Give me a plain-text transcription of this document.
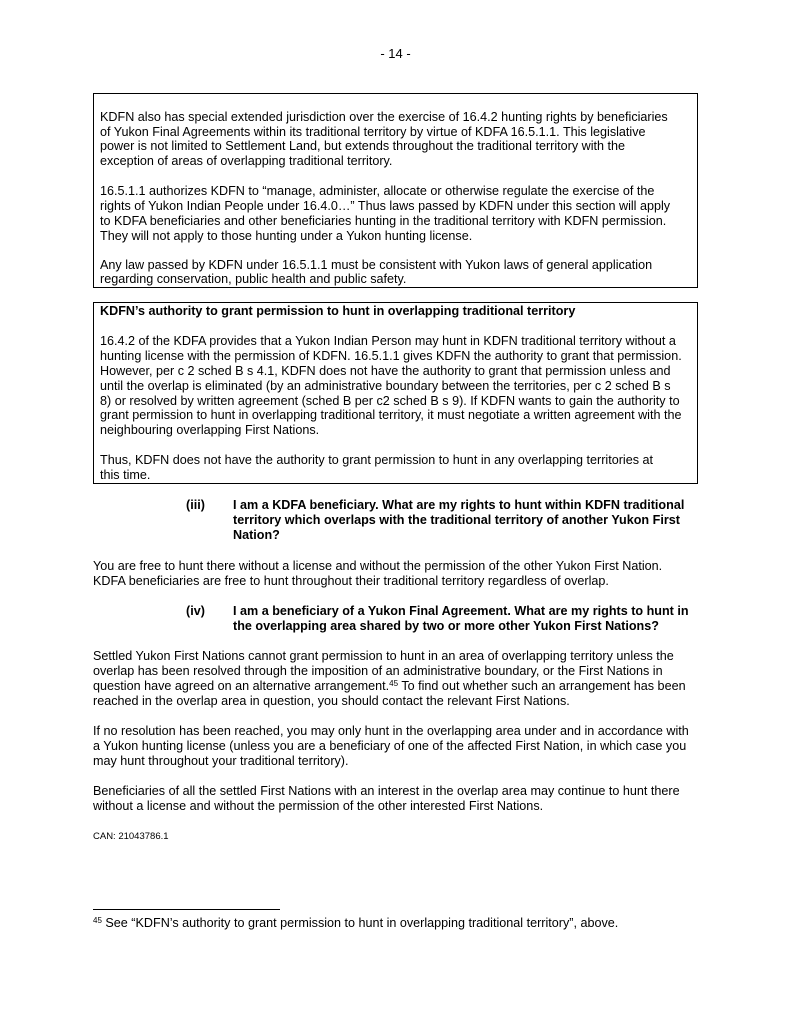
- 14 -
KDFN also has special extended jurisdiction over the exercise of 16.4.2 hunting rights by beneficiaries
of Yukon Final Agreements within its traditional territory by virtue of KDFA 16.5.1.1. This legislative
power is not limited to Settlement Land, but extends throughout the traditional territory with the
exception of areas of overlapping traditional territory.
16.5.1.1 authorizes KDFN to “manage, administer, allocate or otherwise regulate the exercise of the
rights of Yukon Indian People under 16.4.0…” Thus laws passed by KDFN under this section will apply
to KDFA beneficiaries and other beneficiaries hunting in the traditional territory with KDFN permission.
They will not apply to those hunting under a Yukon hunting license.
Any law passed by KDFN under 16.5.1.1 must be consistent with Yukon laws of general application
regarding conservation, public health and public safety.
KDFN’s authority to grant permission to hunt in overlapping traditional territory
16.4.2 of the KDFA provides that a Yukon Indian Person may hunt in KDFN traditional territory without a
hunting license with the permission of KDFN. 16.5.1.1 gives KDFN the authority to grant that permission.
However, per c 2 sched B s 4.1, KDFN does not have the authority to grant that permission unless and
until the overlap is eliminated (by an administrative boundary between the territories, per c 2 sched B s
8) or resolved by written agreement (sched B per c2 sched B s 9). If KDFN wants to gain the authority to
grant permission to hunt in overlapping traditional territory, it must negotiate a written agreement with the
neighbouring overlapping First Nations.
Thus, KDFN does not have the authority to grant permission to hunt in any overlapping territories at
this time.
(iii) I am a KDFA beneficiary. What are my rights to hunt within KDFN traditional
territory which overlaps with the traditional territory of another Yukon First
Nation?
You are free to hunt there without a license and without the permission of the other Yukon First Nation.
KDFA beneficiaries are free to hunt throughout their traditional territory regardless of overlap.
(iv) I am a beneficiary of a Yukon Final Agreement. What are my rights to hunt in
the overlapping area shared by two or more other Yukon First Nations?
Settled Yukon First Nations cannot grant permission to hunt in an area of overlapping territory unless the
overlap has been resolved through the imposition of an administrative boundary, or the First Nations in
question have agreed on an alternative arrangement.$^{45}$ To find out whether such an arrangement has been
reached in the overlap area in question, you should contact the relevant First Nations.
If no resolution has been reached, you may only hunt in the overlapping area under and in accordance with
a Yukon hunting license (unless you are a beneficiary of one of the affected First Nation, in which case you
may hunt throughout your traditional territory).
Beneficiaries of all the settled First Nations with an interest in the overlap area may continue to hunt there
without a license and without the permission of the other interested First Nations.
CAN: 21043786.1
$^{45}$ See “KDFN’s authority to grant permission to hunt in overlapping traditional territory”, above.
